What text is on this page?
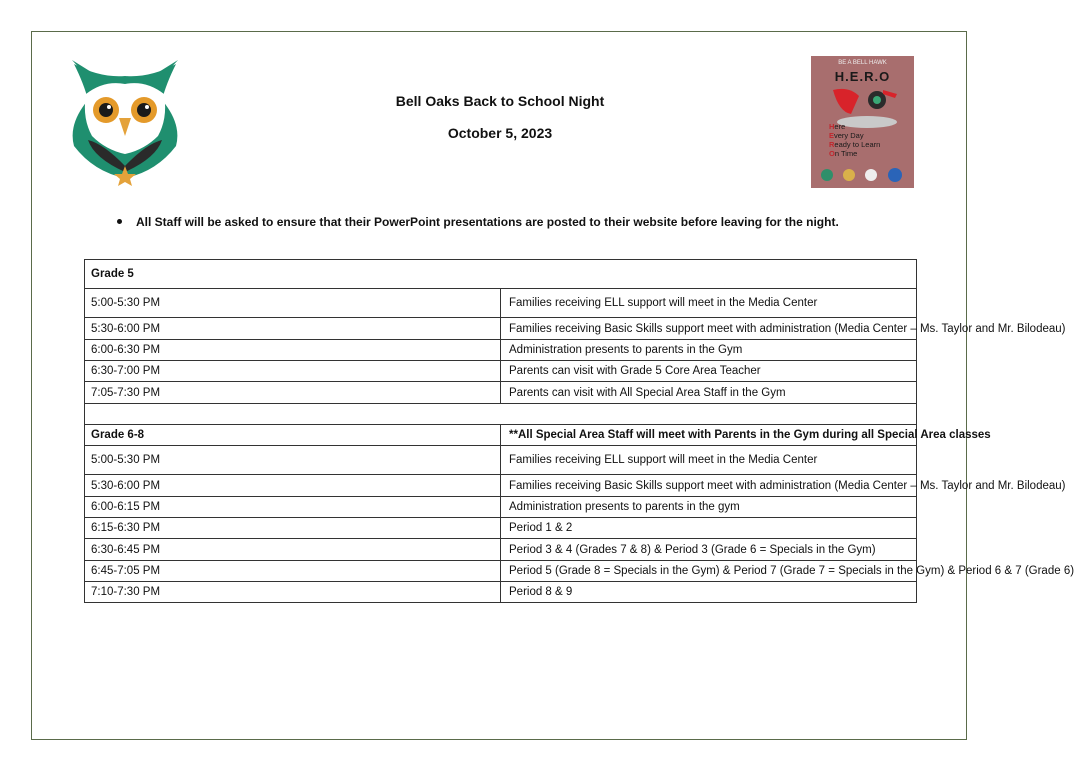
BE A BELL HAWK
H.E.R.O
Here
Every Day
Ready to Learn
On Time
Bell Oaks Back to School Night
October 5, 2023
All Staff will be asked to ensure that their PowerPoint presentations are posted to their website before leaving for the night.
Grade 5	
5:00-5:30 PM	Families receiving ELL support will meet in the Media Center
5:30-6:00 PM	Families receiving Basic Skills support meet with administration (Media Center – Ms. Taylor and Mr. Bilodeau)
6:00-6:30 PM	Administration presents to parents in the Gym
6:30-7:00 PM	Parents can visit with Grade 5 Core Area Teacher
7:05-7:30 PM	Parents can visit with All Special Area Staff in the Gym

Grade 6-8	**All Special Area Staff will meet with Parents in the Gym during all Special Area classes
5:00-5:30 PM	Families receiving ELL support will meet in the Media Center
5:30-6:00 PM	Families receiving Basic Skills support meet with administration (Media Center – Ms. Taylor and Mr. Bilodeau)
6:00-6:15 PM	Administration presents to parents in the gym
6:15-6:30 PM	Period 1 & 2
6:30-6:45 PM	Period 3 & 4 (Grades 7 & 8) & Period 3 (Grade 6 = Specials in the Gym)
6:45-7:05 PM	Period 5 (Grade 8 = Specials in the Gym) & Period 7 (Grade 7 = Specials in the Gym) & Period 6 & 7 (Grade 6)
7:10-7:30 PM	Period 8 & 9
